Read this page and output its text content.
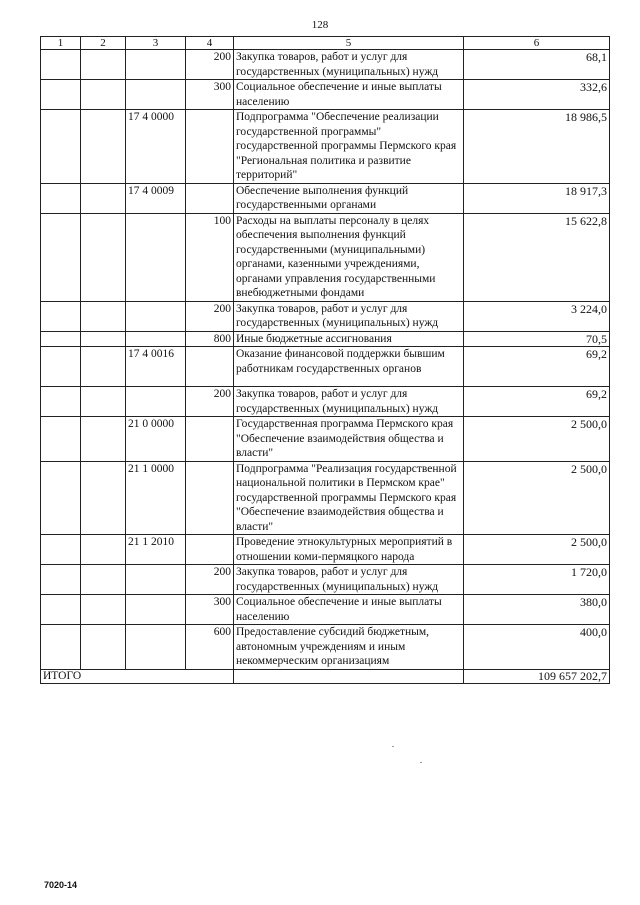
128
1	2	3	4	5	6
			200	Закупка товаров, работ и услуг для государственных (муниципальных) нужд	68,1
			300	Социальное обеспечение и иные выплаты населению	332,6
		17 4 0000		Подпрограмма "Обеспечение реализации государственной программы" государственной программы Пермского края "Региональная политика и развитие территорий"	18 986,5
		17 4 0009		Обеспечение выполнения функций государственными органами	18 917,3
			100	Расходы на выплаты персоналу в целях обеспечения выполнения функций государственными (муниципальными) органами, казенными учреждениями, органами управления государственными внебюджетными фондами	15 622,8
			200	Закупка товаров, работ и услуг для государственных (муниципальных) нужд	3 224,0
			800	Иные бюджетные ассигнования	70,5
		17 4 0016		Оказание финансовой поддержки бывшим работникам государственных органов	69,2
			200	Закупка товаров, работ и услуг для государственных (муниципальных) нужд	69,2
		21 0 0000		Государственная программа Пермского края "Обеспечение взаимодействия общества и власти"	2 500,0
		21 1 0000		Подпрограмма "Реализация государственной национальной политики в Пермском крае" государственной программы Пермского края "Обеспечение взаимодействия общества и власти"	2 500,0
		21 1 2010		Проведение этнокультурных мероприятий в отношении коми-пермяцкого народа	2 500,0
			200	Закупка товаров, работ и услуг для государственных (муниципальных) нужд	1 720,0
			300	Социальное обеспечение и иные выплаты населению	380,0
			600	Предоставление субсидий бюджетным, автономным учреждениям и иным некоммерческим организациям	400,0
ИТОГО					109 657 202,7
7020-14
